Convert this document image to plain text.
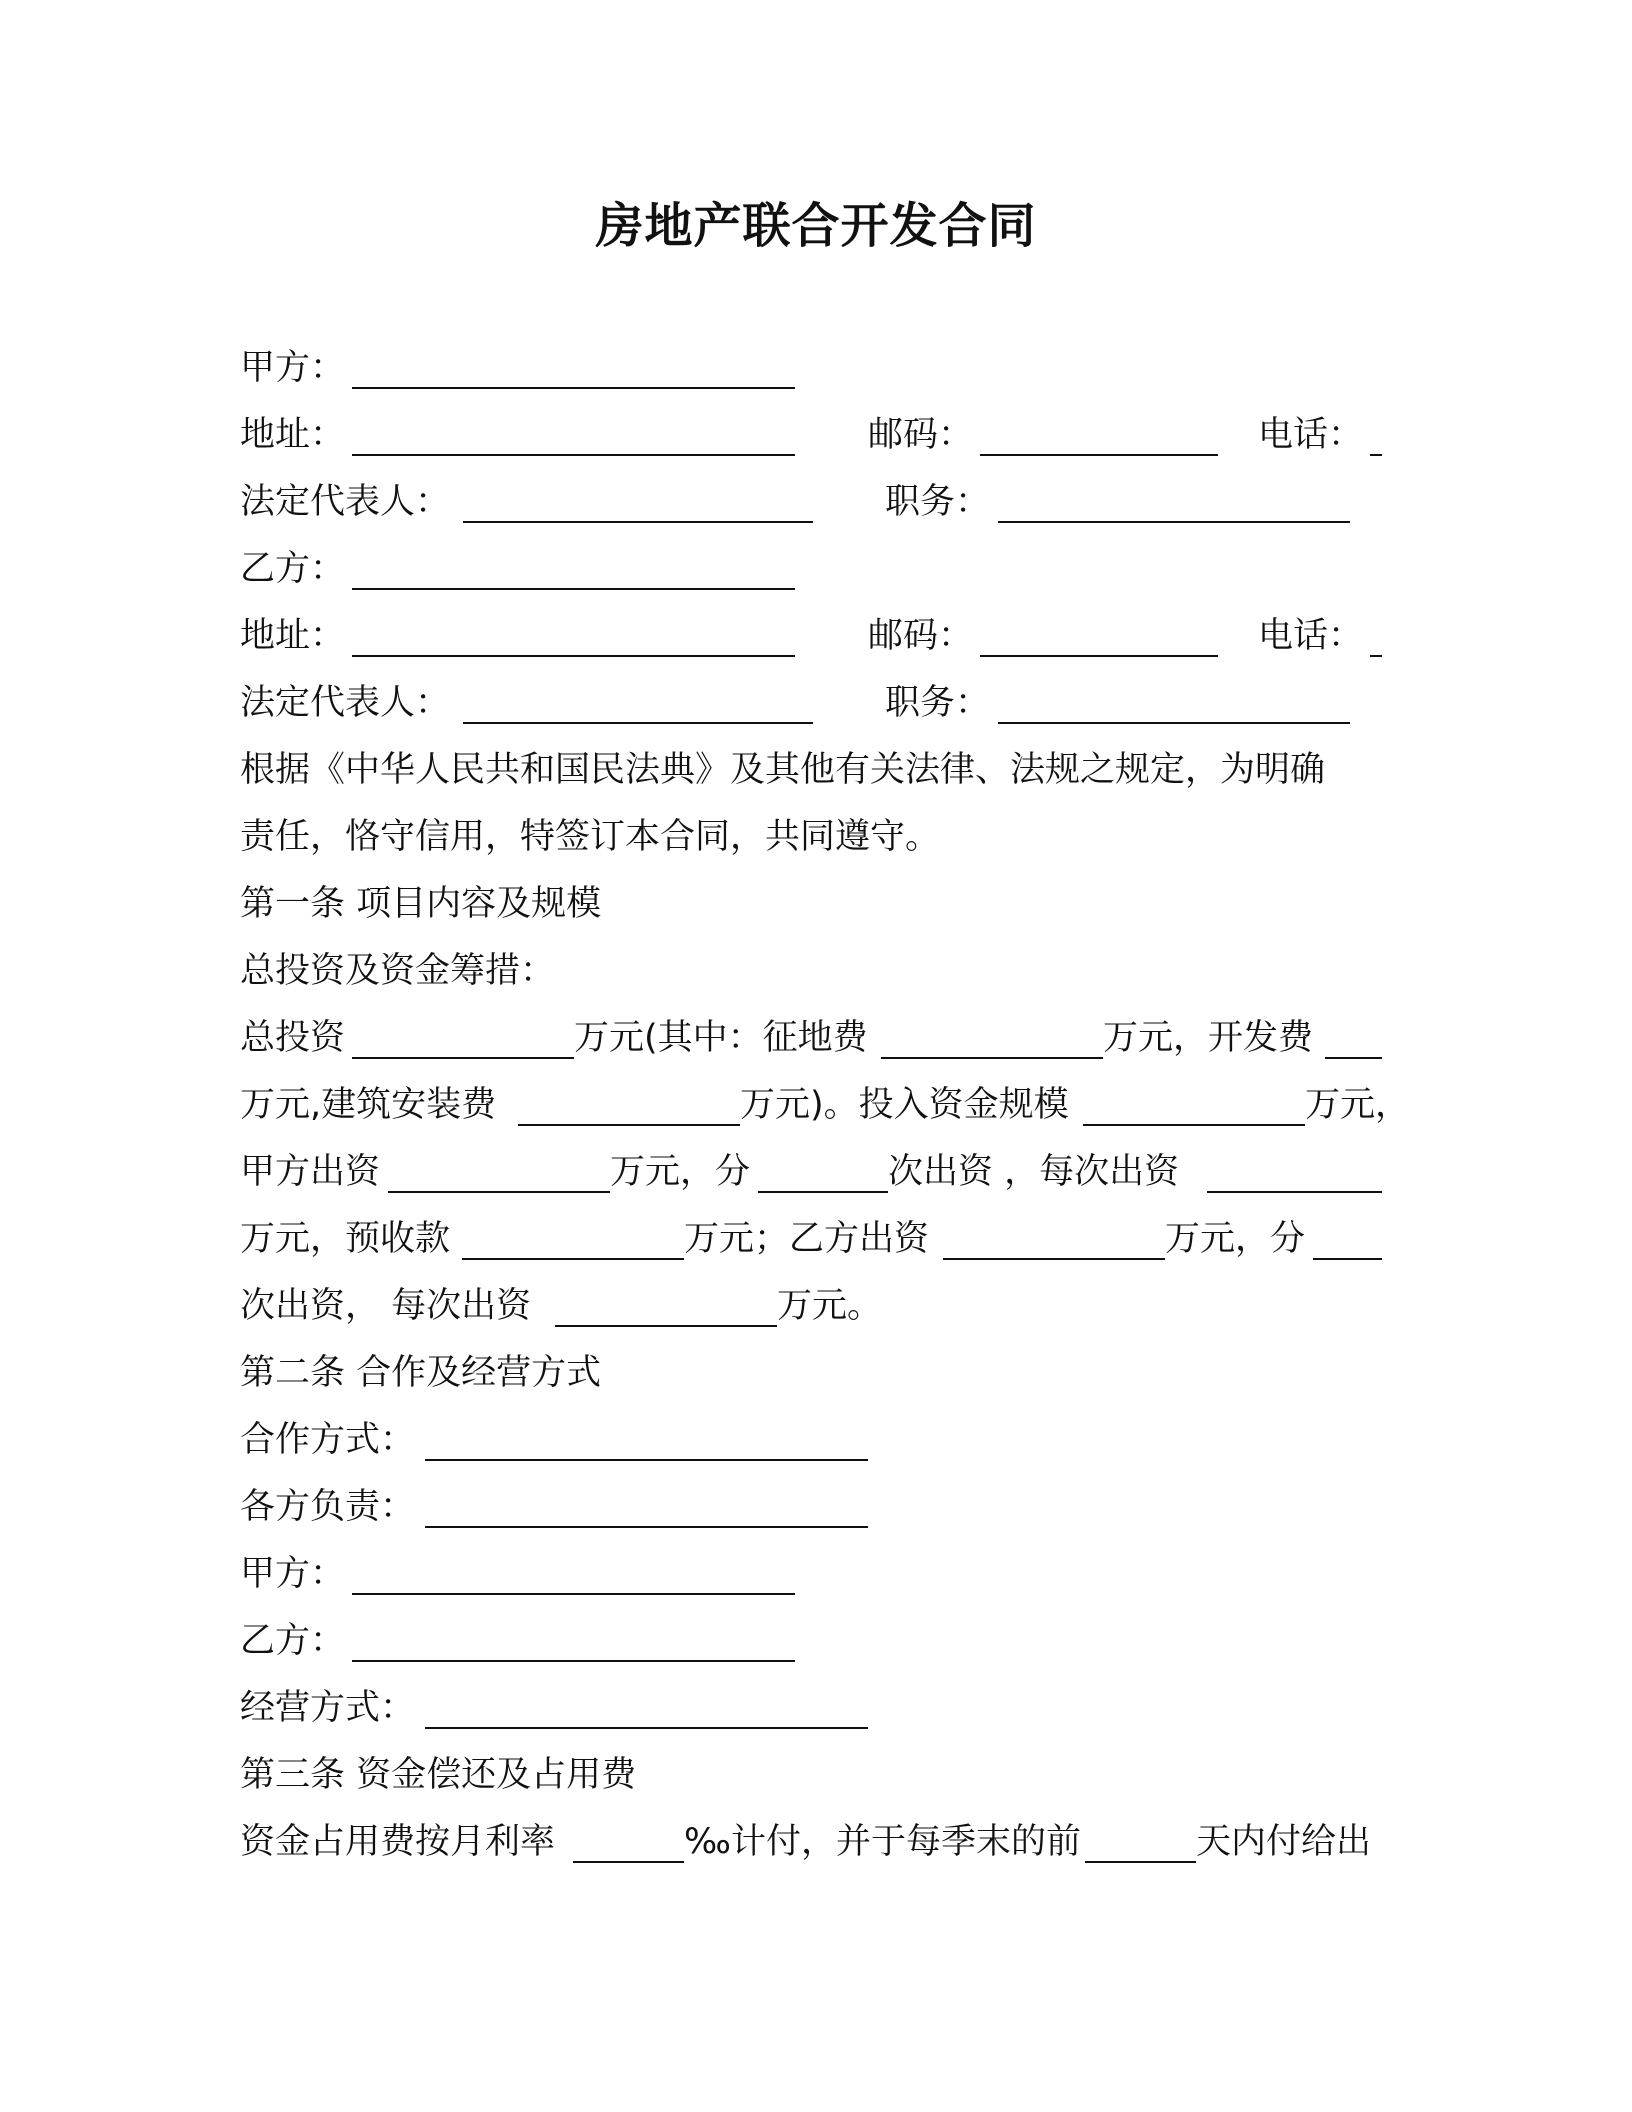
房地产联合开发合同
甲方：
地址：	邮码：	电话：
法定代表人：	职务：
乙方：
地址：	邮码：	电话：
法定代表人：	职务：
根据《中华人民共和国民法典》及其他有关法律、法规之规定，为明确
责任，恪守信用，特签订本合同，共同遵守。
第一条 项目内容及规模
总投资及资金筹措：
总投资	万元(其中：征地费	万元，开发费
万元,建筑安装费	万元)。投入资金规模	万元，
甲方出资	万元，分	次出资 ，每次出资
万元，预收款	万元；乙方出资	万元，分
次出资， 每次出资	万元。
第二条 合作及经营方式
合作方式：
各方负责：
甲方：
乙方：
经营方式：
第三条 资金偿还及占用费
资金占用费按月利率	‰计付，并于每季末的前	天内付给出
